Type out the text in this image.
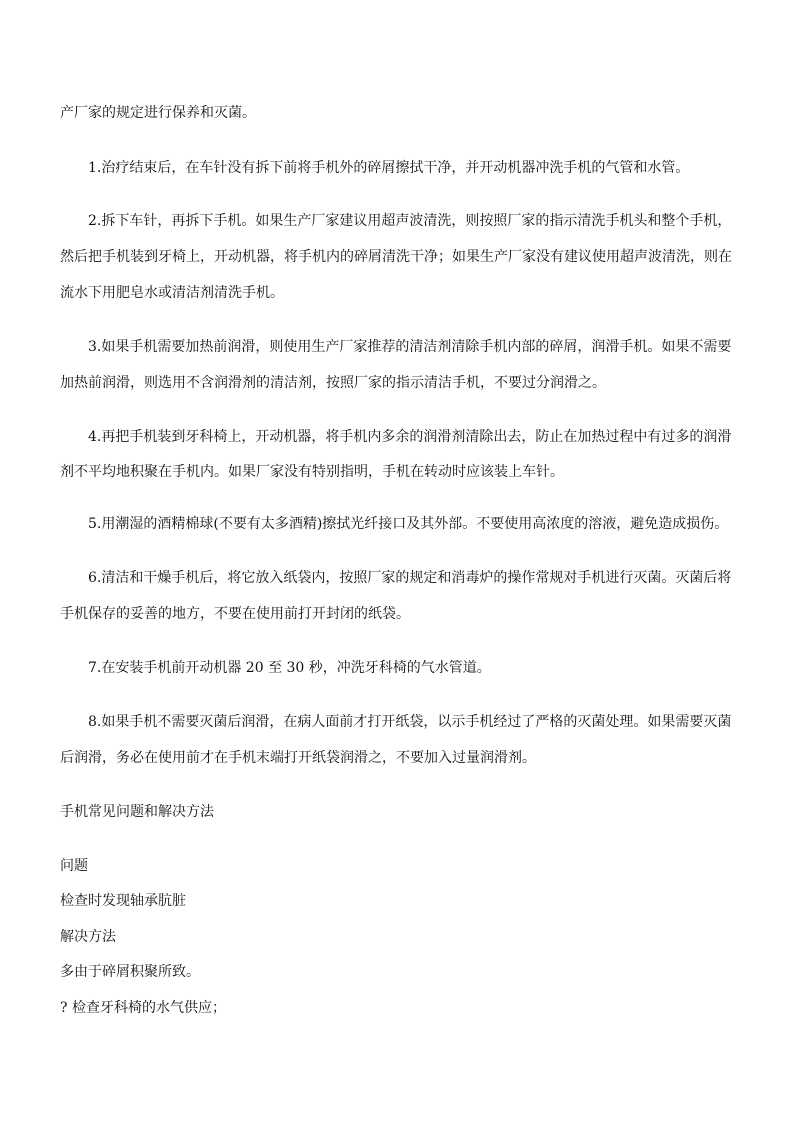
产厂家的规定进行保养和灭菌。
1.治疗结束后，在车针没有拆下前将手机外的碎屑擦拭干净，并开动机器冲洗手机的气管和水管。
2.拆下车针，再拆下手机。如果生产厂家建议用超声波清洗，则按照厂家的指示清洗手机头和整个手机，
然后把手机装到牙椅上，开动机器，将手机内的碎屑清洗干净；如果生产厂家没有建议使用超声波清洗，则在
流水下用肥皂水或清洁剂清洗手机。
3.如果手机需要加热前润滑，则使用生产厂家推荐的清洁剂清除手机内部的碎屑，润滑手机。如果不需要
加热前润滑，则选用不含润滑剂的清洁剂，按照厂家的指示清洁手机，不要过分润滑之。
4.再把手机装到牙科椅上，开动机器，将手机内多余的润滑剂清除出去，防止在加热过程中有过多的润滑
剂不平均地积聚在手机内。如果厂家没有特别指明，手机在转动时应该装上车针。
5.用潮湿的酒精棉球(不要有太多酒精)擦拭光纤接口及其外部。不要使用高浓度的溶液，避免造成损伤。
6.清洁和干燥手机后，将它放入纸袋内，按照厂家的规定和消毒炉的操作常规对手机进行灭菌。灭菌后将
手机保存的妥善的地方，不要在使用前打开封闭的纸袋。
7.在安装手机前开动机器 20 至 30 秒，冲洗牙科椅的气水管道。
8.如果手机不需要灭菌后润滑，在病人面前才打开纸袋，以示手机经过了严格的灭菌处理。如果需要灭菌
后润滑，务必在使用前才在手机末端打开纸袋润滑之，不要加入过量润滑剂。
手机常见问题和解决方法
问题
检查时发现轴承肮脏
解决方法
多由于碎屑积聚所致。
? 检查牙科椅的水气供应；
